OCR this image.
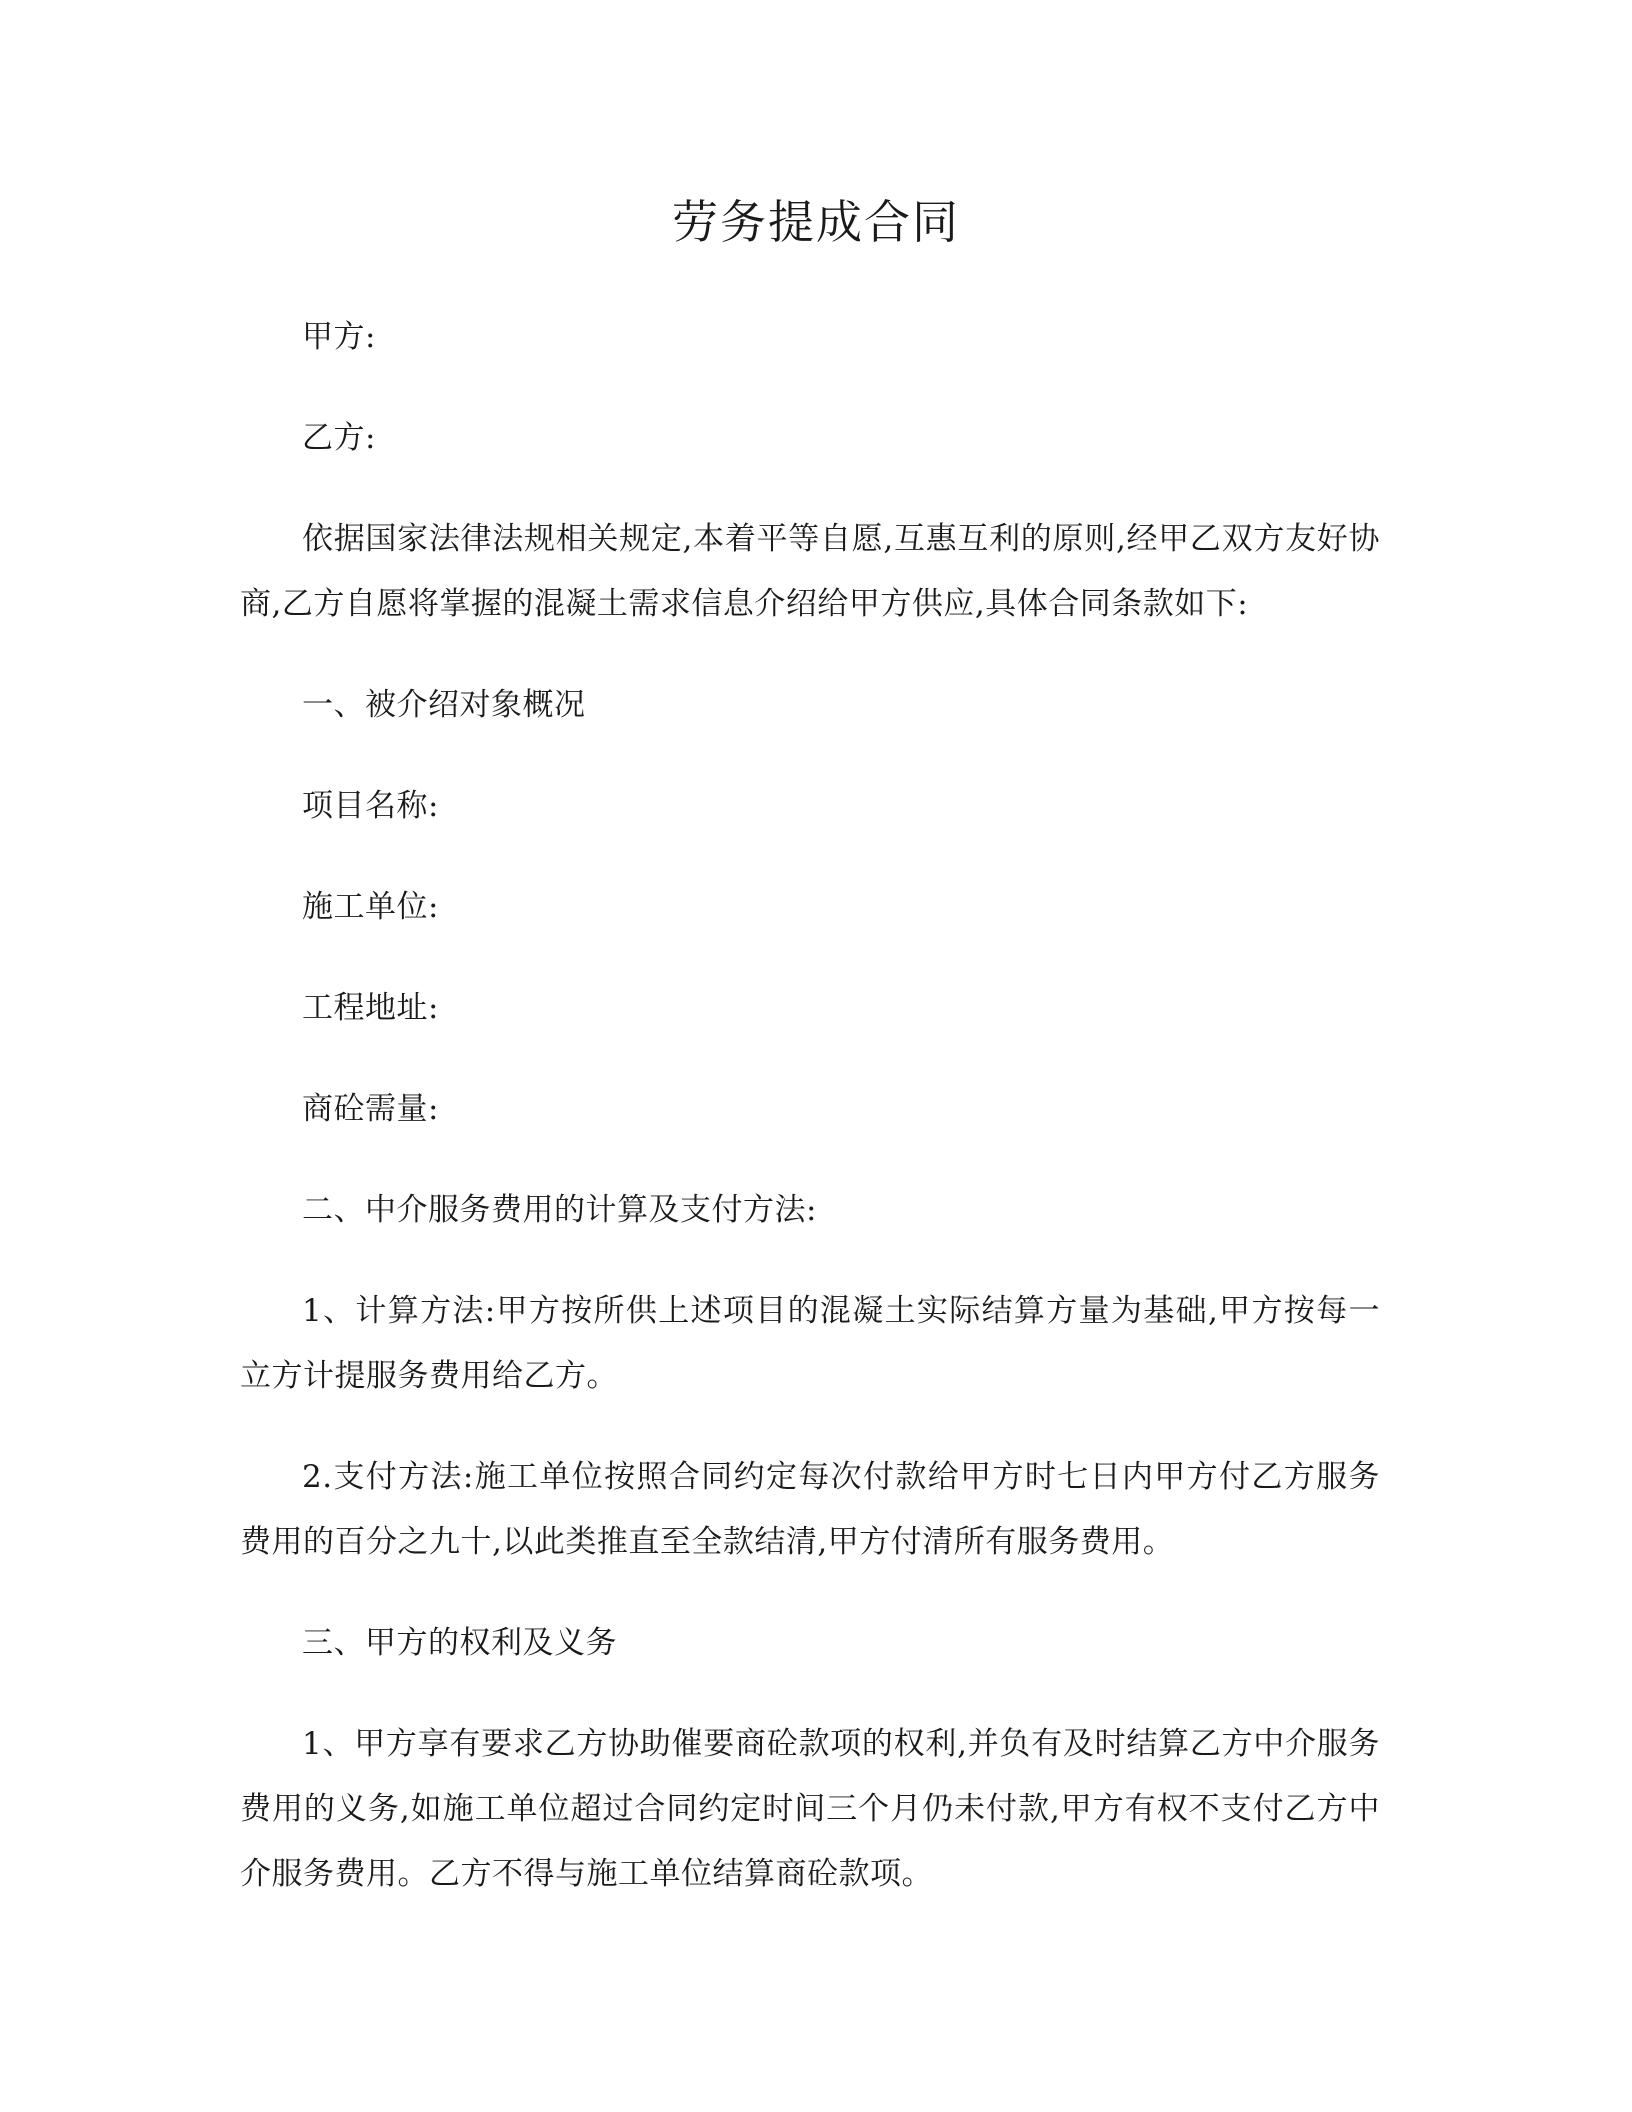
劳务提成合同

甲方:

乙方:

依据国家法律法规相关规定,本着平等自愿,互惠互利的原则,经甲乙双方友好协商,乙方自愿将掌握的混凝土需求信息介绍给甲方供应,具体合同条款如下:

一、被介绍对象概况

项目名称:

施工单位:

工程地址:

商砼需量:

二、中介服务费用的计算及支付方法:

1、计算方法:甲方按所供上述项目的混凝土实际结算方量为基础,甲方按每一立方计提服务费用给乙方。

2.支付方法:施工单位按照合同约定每次付款给甲方时七日内甲方付乙方服务费用的百分之九十,以此类推直至全款结清,甲方付清所有服务费用。

三、甲方的权利及义务

1、甲方享有要求乙方协助催要商砼款项的权利,并负有及时结算乙方中介服务费用的义务,如施工单位超过合同约定时间三个月仍未付款,甲方有权不支付乙方中介服务费用。乙方不得与施工单位结算商砼款项。
